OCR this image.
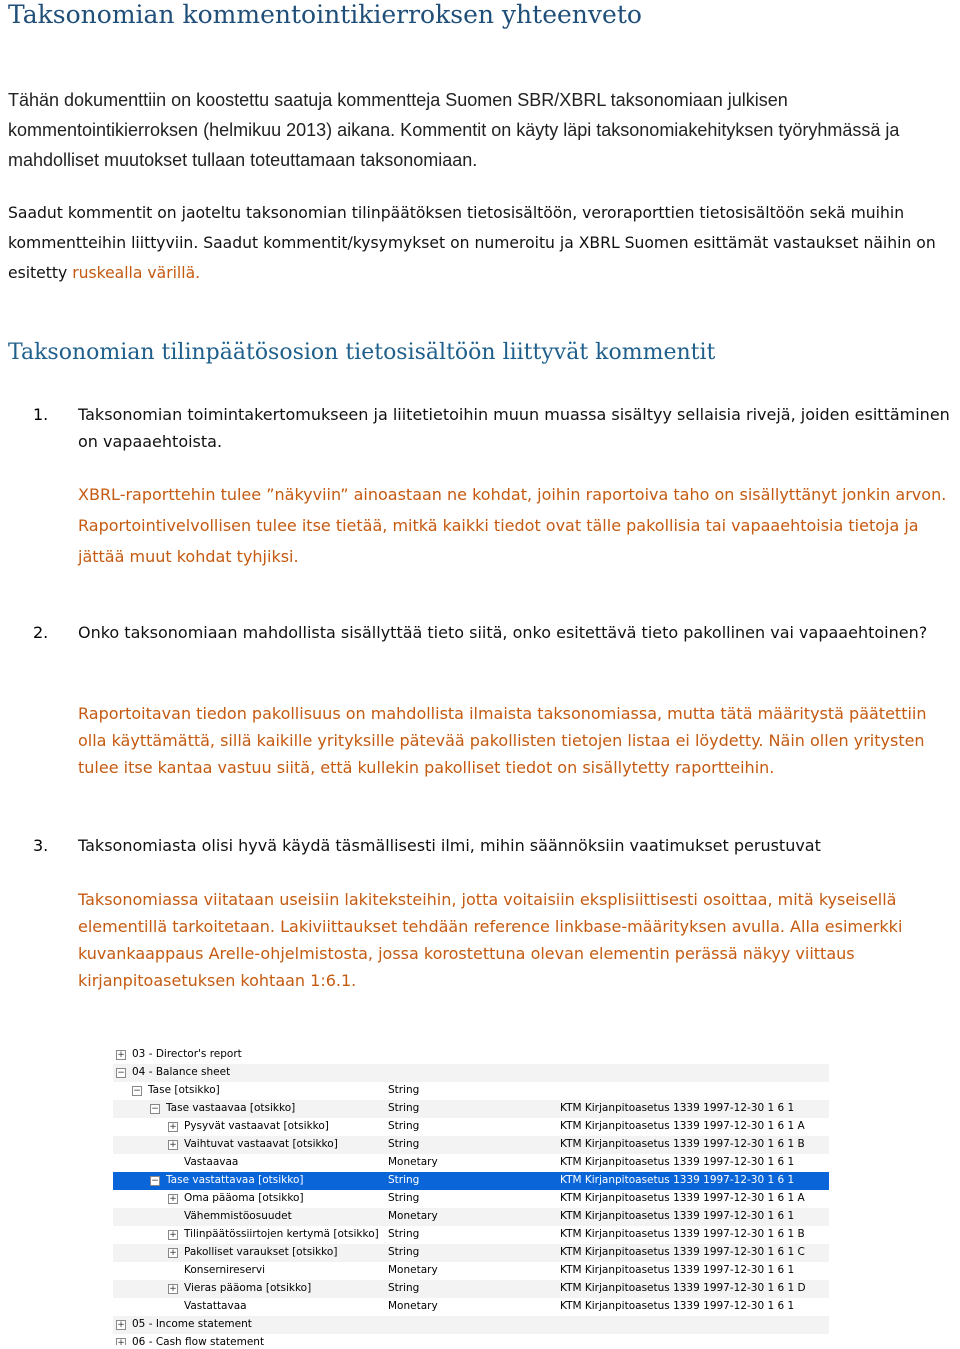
Taksonomian kommentointikierroksen yhteenveto
Tähän dokumenttiin on koostettu saatuja kommentteja Suomen SBR/XBRL taksonomiaan julkisen kommentointikierroksen (helmikuu 2013) aikana. Kommentit on käyty läpi taksonomiakehityksen työryhmässä ja mahdolliset muutokset tullaan toteuttamaan taksonomiaan.
Saadut kommentit on jaoteltu taksonomian tilinpäätöksen tietosisältöön, veroraporttien tietosisältöön sekä muihin kommentteihin liittyviin. Saadut kommentit/kysymykset on numeroitu ja XBRL Suomen esittämät vastaukset näihin on esitetty ruskealla värillä.
Taksonomian tilinpäätösosion tietosisältöön liittyvät kommentit
1. Taksonomian toimintakertomukseen ja liitetietoihin muun muassa sisältyy sellaisia rivejä, joiden esittäminen on vapaaehtoista.
XBRL-raporttehin tulee ”näkyviin” ainoastaan ne kohdat, joihin raportoiva taho on sisällyttänyt jonkin arvon. Raportointivelvollisen tulee itse tietää, mitkä kaikki tiedot ovat tälle pakollisia tai vapaaehtoisia tietoja ja jättää muut kohdat tyhjiksi.
2. Onko taksonomiaan mahdollista sisällyttää tieto siitä, onko esitettävä tieto pakollinen vai vapaaehtoinen?
Raportoitavan tiedon pakollisuus on mahdollista ilmaista taksonomiassa, mutta tätä määritystä päätettiin olla käyttämättä, sillä kaikille yrityksille pätevää pakollisten tietojen listaa ei löydetty. Näin ollen yritysten tulee itse kantaa vastuu siitä, että kullekin pakolliset tiedot on sisällytetty raportteihin.
3. Taksonomiasta olisi hyvä käydä täsmällisesti ilmi, mihin säännöksiin vaatimukset perustuvat
Taksonomiassa viitataan useisiin lakiteksteihin, jotta voitaisiin eksplisiittisesti osoittaa, mitä kyseisellä elementillä tarkoitetaan. Lakiviittaukset tehdään reference linkbase-määrityksen avulla. Alla esimerkki kuvankaappaus Arelle-ohjelmistosta, jossa korostettuna olevan elementin perässä näkyy viittaus kirjanpitoasetuksen kohtaan 1:6.1.
+ 03 - Director's report
− 04 - Balance sheet
− Tase [otsikko]	String
− Tase vastaavaa [otsikko]	String	KTM Kirjanpitoasetus 1339 1997-12-30 1 6 1
+ Pysyvät vastaavat [otsikko]	String	KTM Kirjanpitoasetus 1339 1997-12-30 1 6 1 A
+ Vaihtuvat vastaavat [otsikko]	String	KTM Kirjanpitoasetus 1339 1997-12-30 1 6 1 B
Vastaavaa	Monetary	KTM Kirjanpitoasetus 1339 1997-12-30 1 6 1
− Tase vastattavaa [otsikko]	String	KTM Kirjanpitoasetus 1339 1997-12-30 1 6 1
+ Oma pääoma [otsikko]	String	KTM Kirjanpitoasetus 1339 1997-12-30 1 6 1 A
Vähemmistöosuudet	Monetary	KTM Kirjanpitoasetus 1339 1997-12-30 1 6 1
+ Tilinpäätössiirtojen kertymä [otsikko] String	KTM Kirjanpitoasetus 1339 1997-12-30 1 6 1 B
+ Pakolliset varaukset [otsikko]	String	KTM Kirjanpitoasetus 1339 1997-12-30 1 6 1 C
Konsernireservi	Monetary	KTM Kirjanpitoasetus 1339 1997-12-30 1 6 1
+ Vieras pääoma [otsikko]	String	KTM Kirjanpitoasetus 1339 1997-12-30 1 6 1 D
Vastattavaa	Monetary	KTM Kirjanpitoasetus 1339 1997-12-30 1 6 1
+ 05 - Income statement
+ 06 - Cash flow statement
